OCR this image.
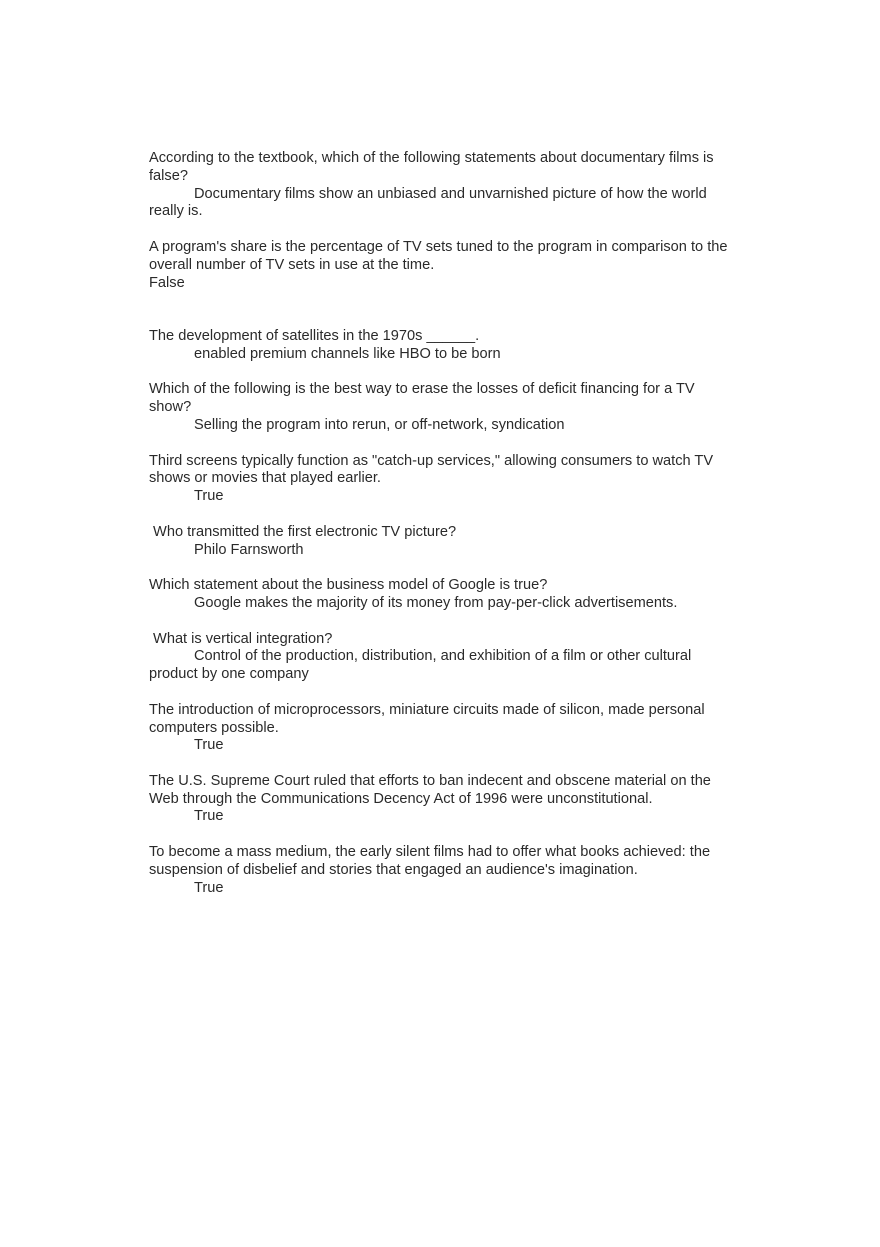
According to the textbook, which of the following statements about documentary films is false?

Documentary films show an unbiased and unvarnished picture of how the world really is.

A program's share is the percentage of TV sets tuned to the program in comparison to the overall number of TV sets in use at the time.

False

The development of satellites in the 1970s ______.

enabled premium channels like HBO to be born

Which of the following is the best way to erase the losses of deficit financing for a TV show?

Selling the program into rerun, or off-network, syndication

Third screens typically function as "catch-up services," allowing consumers to watch TV shows or movies that played earlier.

True

Who transmitted the first electronic TV picture?

Philo Farnsworth

Which statement about the business model of Google is true?

Google makes the majority of its money from pay-per-click advertisements.

What is vertical integration?

Control of the production, distribution, and exhibition of a film or other cultural product by one company

The introduction of microprocessors, miniature circuits made of silicon, made personal computers possible.

True

The U.S. Supreme Court ruled that efforts to ban indecent and obscene material on the Web through the Communications Decency Act of 1996 were unconstitutional.

True

To become a mass medium, the early silent films had to offer what books achieved: the suspension of disbelief and stories that engaged an audience's imagination.

True
